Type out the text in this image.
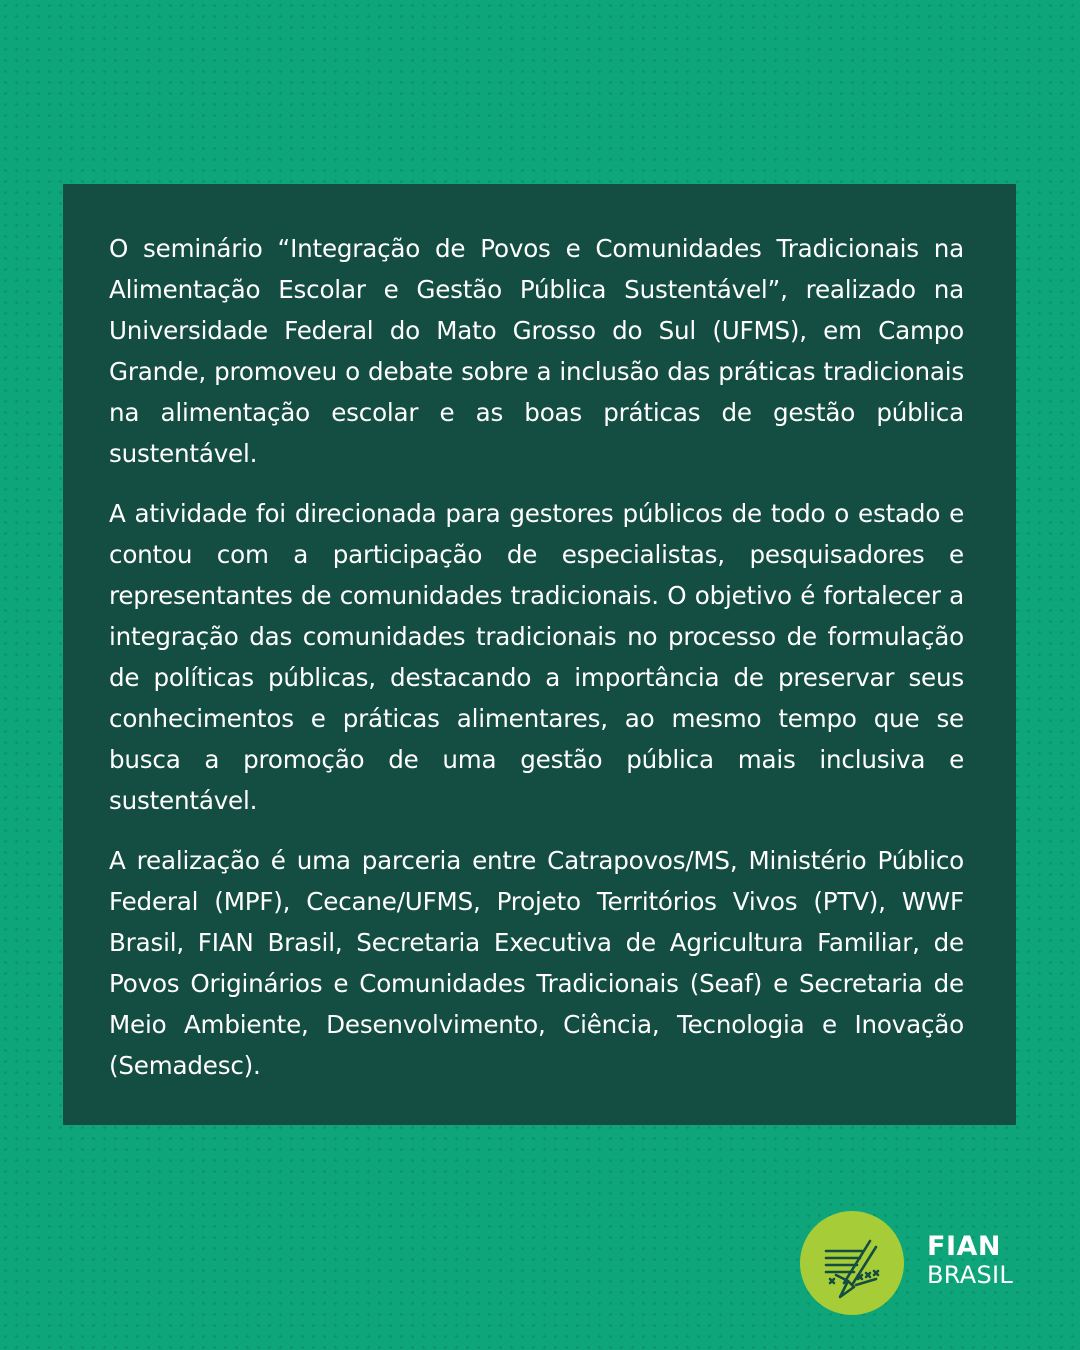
O seminário “Integração de Povos e Comunidades Tradicionais na Alimentação Escolar e Gestão Pública Sustentável”, realizado na Universidade Federal do Mato Grosso do Sul (UFMS), em Campo Grande, promoveu o debate sobre a inclusão das práticas tradicionais na alimentação escolar e as boas práticas de gestão pública sustentável.

A atividade foi direcionada para gestores públicos de todo o estado e contou com a participação de especialistas, pesquisadores e representantes de comunidades tradicionais. O objetivo é fortalecer a integração das comunidades tradicionais no processo de formulação de políticas públicas, destacando a importância de preservar seus conhecimentos e práticas alimentares, ao mesmo tempo que se busca a promoção de uma gestão pública mais inclusiva e sustentável.

A realização é uma parceria entre Catrapovos/MS, Ministério Público Federal (MPF), Cecane/UFMS, Projeto Territórios Vivos (PTV), WWF Brasil, FIAN Brasil, Secretaria Executiva de Agricultura Familiar, de Povos Originários e Comunidades Tradicionais (Seaf) e Secretaria de Meio Ambiente, Desenvolvimento, Ciência, Tecnologia e Inovação (Semadesc).

FIAN
BRASIL
